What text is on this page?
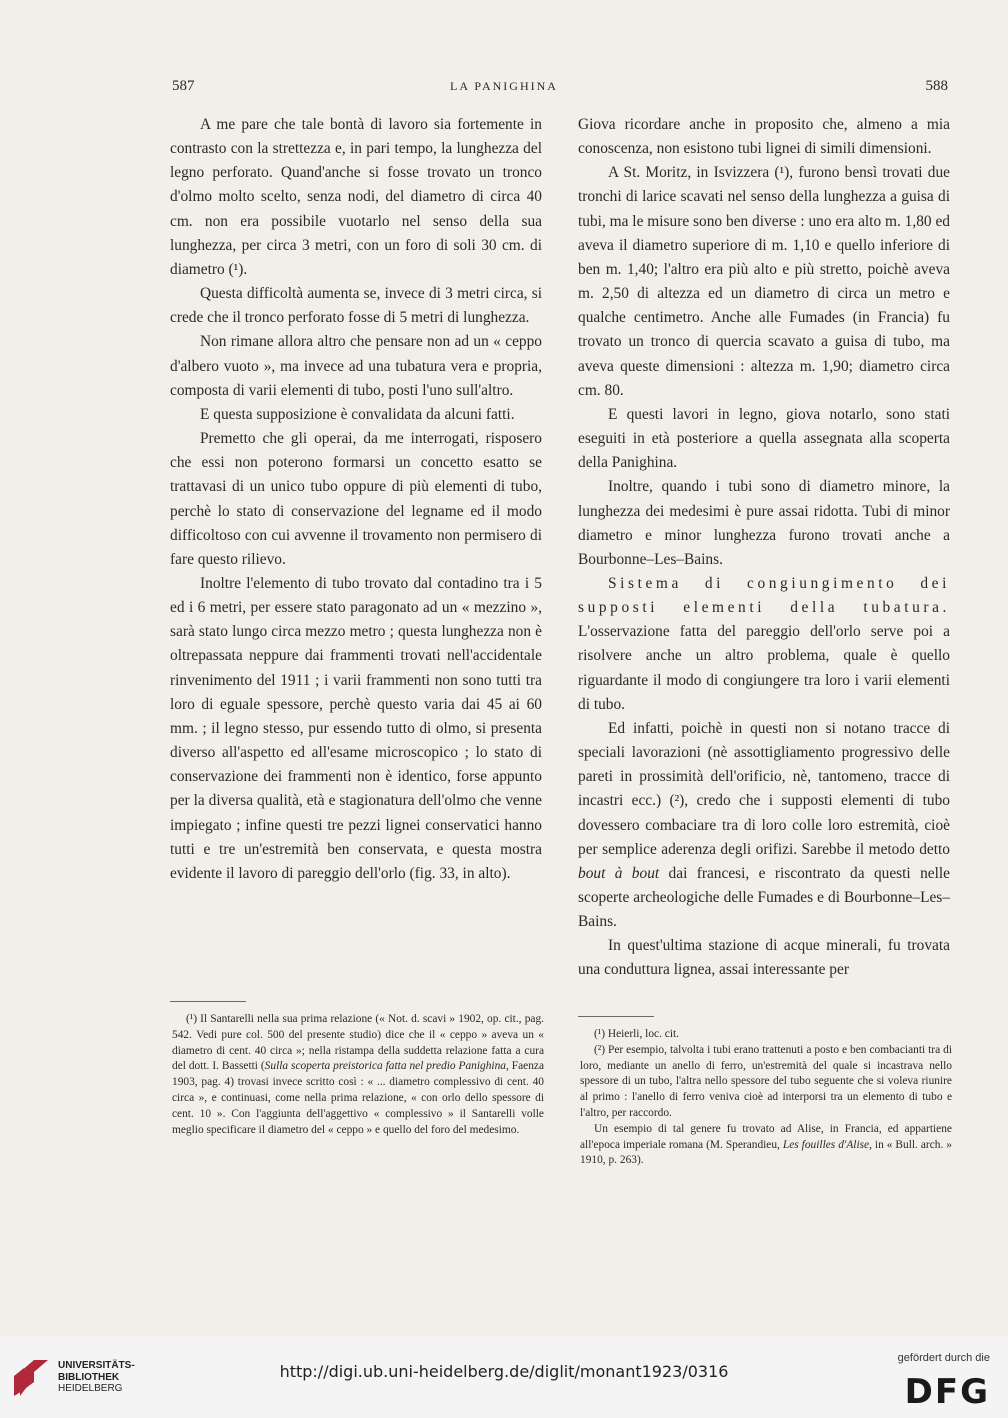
587	LA PANIGHINA	588

A me pare che tale bontà di lavoro sia fortemente in contrasto con la strettezza e, in pari tempo, la lunghezza del legno perforato. Quand'anche si fosse trovato un tronco d'olmo molto scelto, senza nodi, del diametro di circa 40 cm. non era possibile vuotarlo nel senso della sua lunghezza, per circa 3 metri, con un foro di soli 30 cm. di diametro (¹).

Questa difficoltà aumenta se, invece di 3 metri circa, si crede che il tronco perforato fosse di 5 metri di lunghezza.

Non rimane allora altro che pensare non ad un « ceppo d'albero vuoto », ma invece ad una tubatura vera e propria, composta di varii elementi di tubo, posti l'uno sull'altro.

E questa supposizione è convalidata da alcuni fatti.

Premetto che gli operai, da me interrogati, risposero che essi non poterono formarsi un concetto esatto se trattavasi di un unico tubo oppure di più elementi di tubo, perchè lo stato di conservazione del legname ed il modo difficoltoso con cui avvenne il trovamento non permisero di fare questo rilievo.

Inoltre l'elemento di tubo trovato dal contadino tra i 5 ed i 6 metri, per essere stato paragonato ad un « mezzino », sarà stato lungo circa mezzo metro ; questa lunghezza non è oltrepassata neppure dai frammenti trovati nell'accidentale rinvenimento del 1911 ; i varii frammenti non sono tutti tra loro di eguale spessore, perchè questo varia dai 45 ai 60 mm. ; il legno stesso, pur essendo tutto di olmo, si presenta diverso all'aspetto ed all'esame microscopico ; lo stato di conservazione dei frammenti non è identico, forse appunto per la diversa qualità, età e stagionatura dell'olmo che venne impiegato ; infine questi tre pezzi lignei conservatici hanno tutti e tre un'estremità ben conservata, e questa mostra evidente il lavoro di pareggio dell'orlo (fig. 33, in alto).

Giova ricordare anche in proposito che, almeno a mia conoscenza, non esistono tubi lignei di simili dimensioni.

A St. Moritz, in Isvizzera (¹), furono bensì trovati due tronchi di larice scavati nel senso della lunghezza a guisa di tubi, ma le misure sono ben diverse : uno era alto m. 1,80 ed aveva il diametro superiore di m. 1,10 e quello inferiore di ben m. 1,40; l'altro era più alto e più stretto, poichè aveva m. 2,50 di altezza ed un diametro di circa un metro e qualche centimetro. Anche alle Fumades (in Francia) fu trovato un tronco di quercia scavato a guisa di tubo, ma aveva queste dimensioni : altezza m. 1,90; diametro circa cm. 80.

E questi lavori in legno, giova notarlo, sono stati eseguiti in età posteriore a quella assegnata alla scoperta della Panighina.

Inoltre, quando i tubi sono di diametro minore, la lunghezza dei medesimi è pure assai ridotta. Tubi di minor diametro e minor lunghezza furono trovati anche a Bourbonne–Les–Bains.

Sistema di congiungimento dei supposti elementi della tubatura. L'osservazione fatta del pareggio dell'orlo serve poi a risolvere anche un altro problema, quale è quello riguardante il modo di congiungere tra loro i varii elementi di tubo.

Ed infatti, poichè in questi non si notano tracce di speciali lavorazioni (nè assottigliamento progressivo delle pareti in prossimità dell'orificio, nè, tantomeno, tracce di incastri ecc.) (²), credo che i supposti elementi di tubo dovessero combaciare tra di loro colle loro estremità, cioè per semplice aderenza degli orifizi. Sarebbe il metodo detto bout à bout dai francesi, e riscontrato da questi nelle scoperte archeologiche delle Fumades e di Bourbonne–Les–Bains.

In quest'ultima stazione di acque minerali, fu trovata una conduttura lignea, assai interessante per

(¹) Il Santarelli nella sua prima relazione (« Not. d. scavi » 1902, op. cit., pag. 542. Vedi pure col. 500 del presente studio) dice che il « ceppo » aveva un « diametro di cent. 40 circa »; nella ristampa della suddetta relazione fatta a cura del dott. I. Bassetti (Sulla scoperta preistorica fatta nel predio Panighina, Faenza 1903, pag. 4) trovasi invece scritto così : « ... diametro complessivo di cent. 40 circa », e continuasi, come nella prima relazione, « con orlo dello spessore di cent. 10 ». Con l'aggiunta dell'aggettivo « complessivo » il Santarelli volle meglio specificare il diametro del « ceppo » e quello del foro del medesimo.

(¹) Heierli, loc. cit.

(²) Per esempio, talvolta i tubi erano trattenuti a posto e ben combacianti tra di loro, mediante un anello di ferro, un'estremità del quale si incastrava nello spessore di un tubo, l'altra nello spessore del tubo seguente che si voleva riunire al primo : l'anello di ferro veniva cioè ad interporsi tra un elemento di tubo e l'altro, per raccordo.

Un esempio di tal genere fu trovato ad Alise, in Francia, ed appartiene all'epoca imperiale romana (M. Sperandieu, Les fouilles d'Alise, in « Bull. arch. » 1910, p. 263).

UNIVERSITÄTS-
BIBLIOTHEK
HEIDELBERG
http://digi.ub.uni-heidelberg.de/diglit/monant1923/0316
gefördert durch die
DFG
